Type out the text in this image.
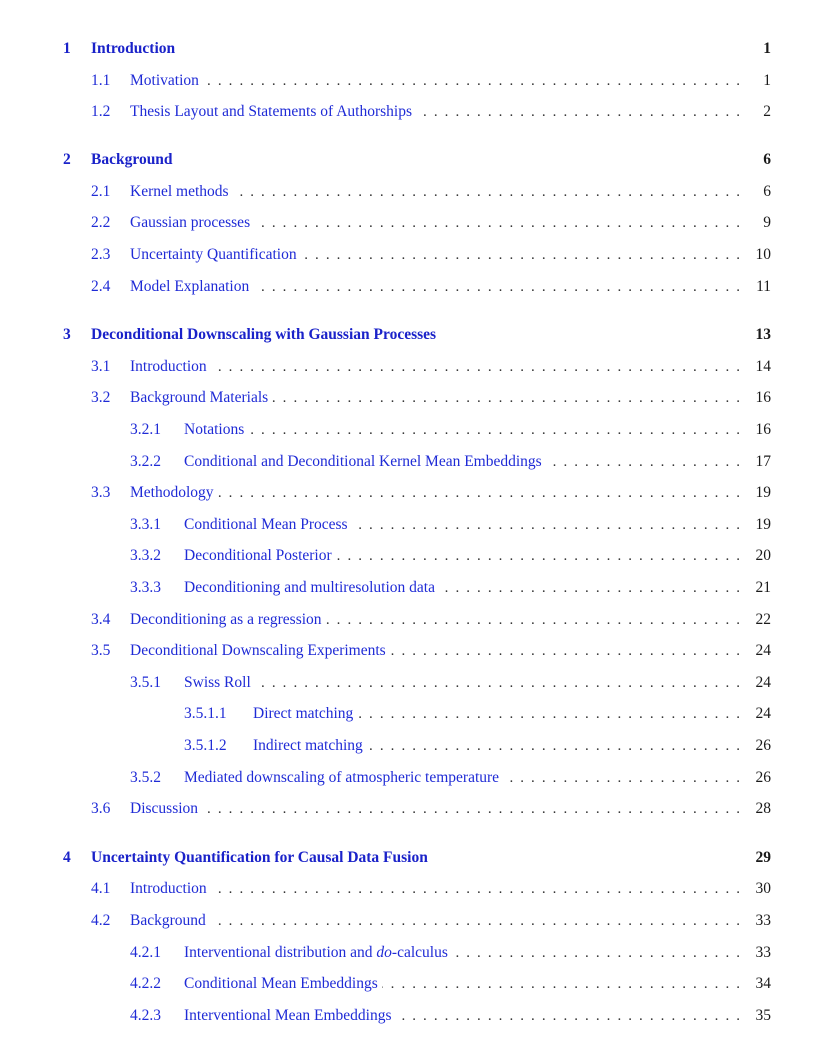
1 Introduction	1
. . .
1.1 Motivation	1
. . .
1.2 Thesis Layout and Statements of Authorships	2
2 Background	6
. . .
2.1 Kernel methods	6
. . .
2.2 Gaussian processes	9
. . .
2.3 Uncertainty Quantification	10
. . .
2.4 Model Explanation	11
3 Deconditional Downscaling with Gaussian Processes	13
. . .
3.1 Introduction	14
. . .
3.2 Background Materials	16
. . .
3.2.1 Notations	16
. . .
3.2.2 Conditional and Deconditional Kernel Mean Embeddings	17
. . .
3.3 Methodology	19
. . .
3.3.1 Conditional Mean Process	19
. . .
3.3.2 Deconditional Posterior	20
. . .
3.3.3 Deconditioning and multiresolution data	21
. . .
3.4 Deconditioning as a regression	22
. . .
3.5 Deconditional Downscaling Experiments	24
. . .
3.5.1 Swiss Roll	24
. . .
3.5.1.1 Direct matching	24
. . .
3.5.1.2 Indirect matching	26
. . .
3.5.2 Mediated downscaling of atmospheric temperature	26
. . .
3.6 Discussion	28
4 Uncertainty Quantification for Causal Data Fusion	29
. . .
4.1 Introduction	30
. . .
4.2 Background	33
. . .
4.2.1 Interventional distribution and do-calculus	33
. . .
4.2.2 Conditional Mean Embeddings	34
. . .
4.2.3 Interventional Mean Embeddings	35
